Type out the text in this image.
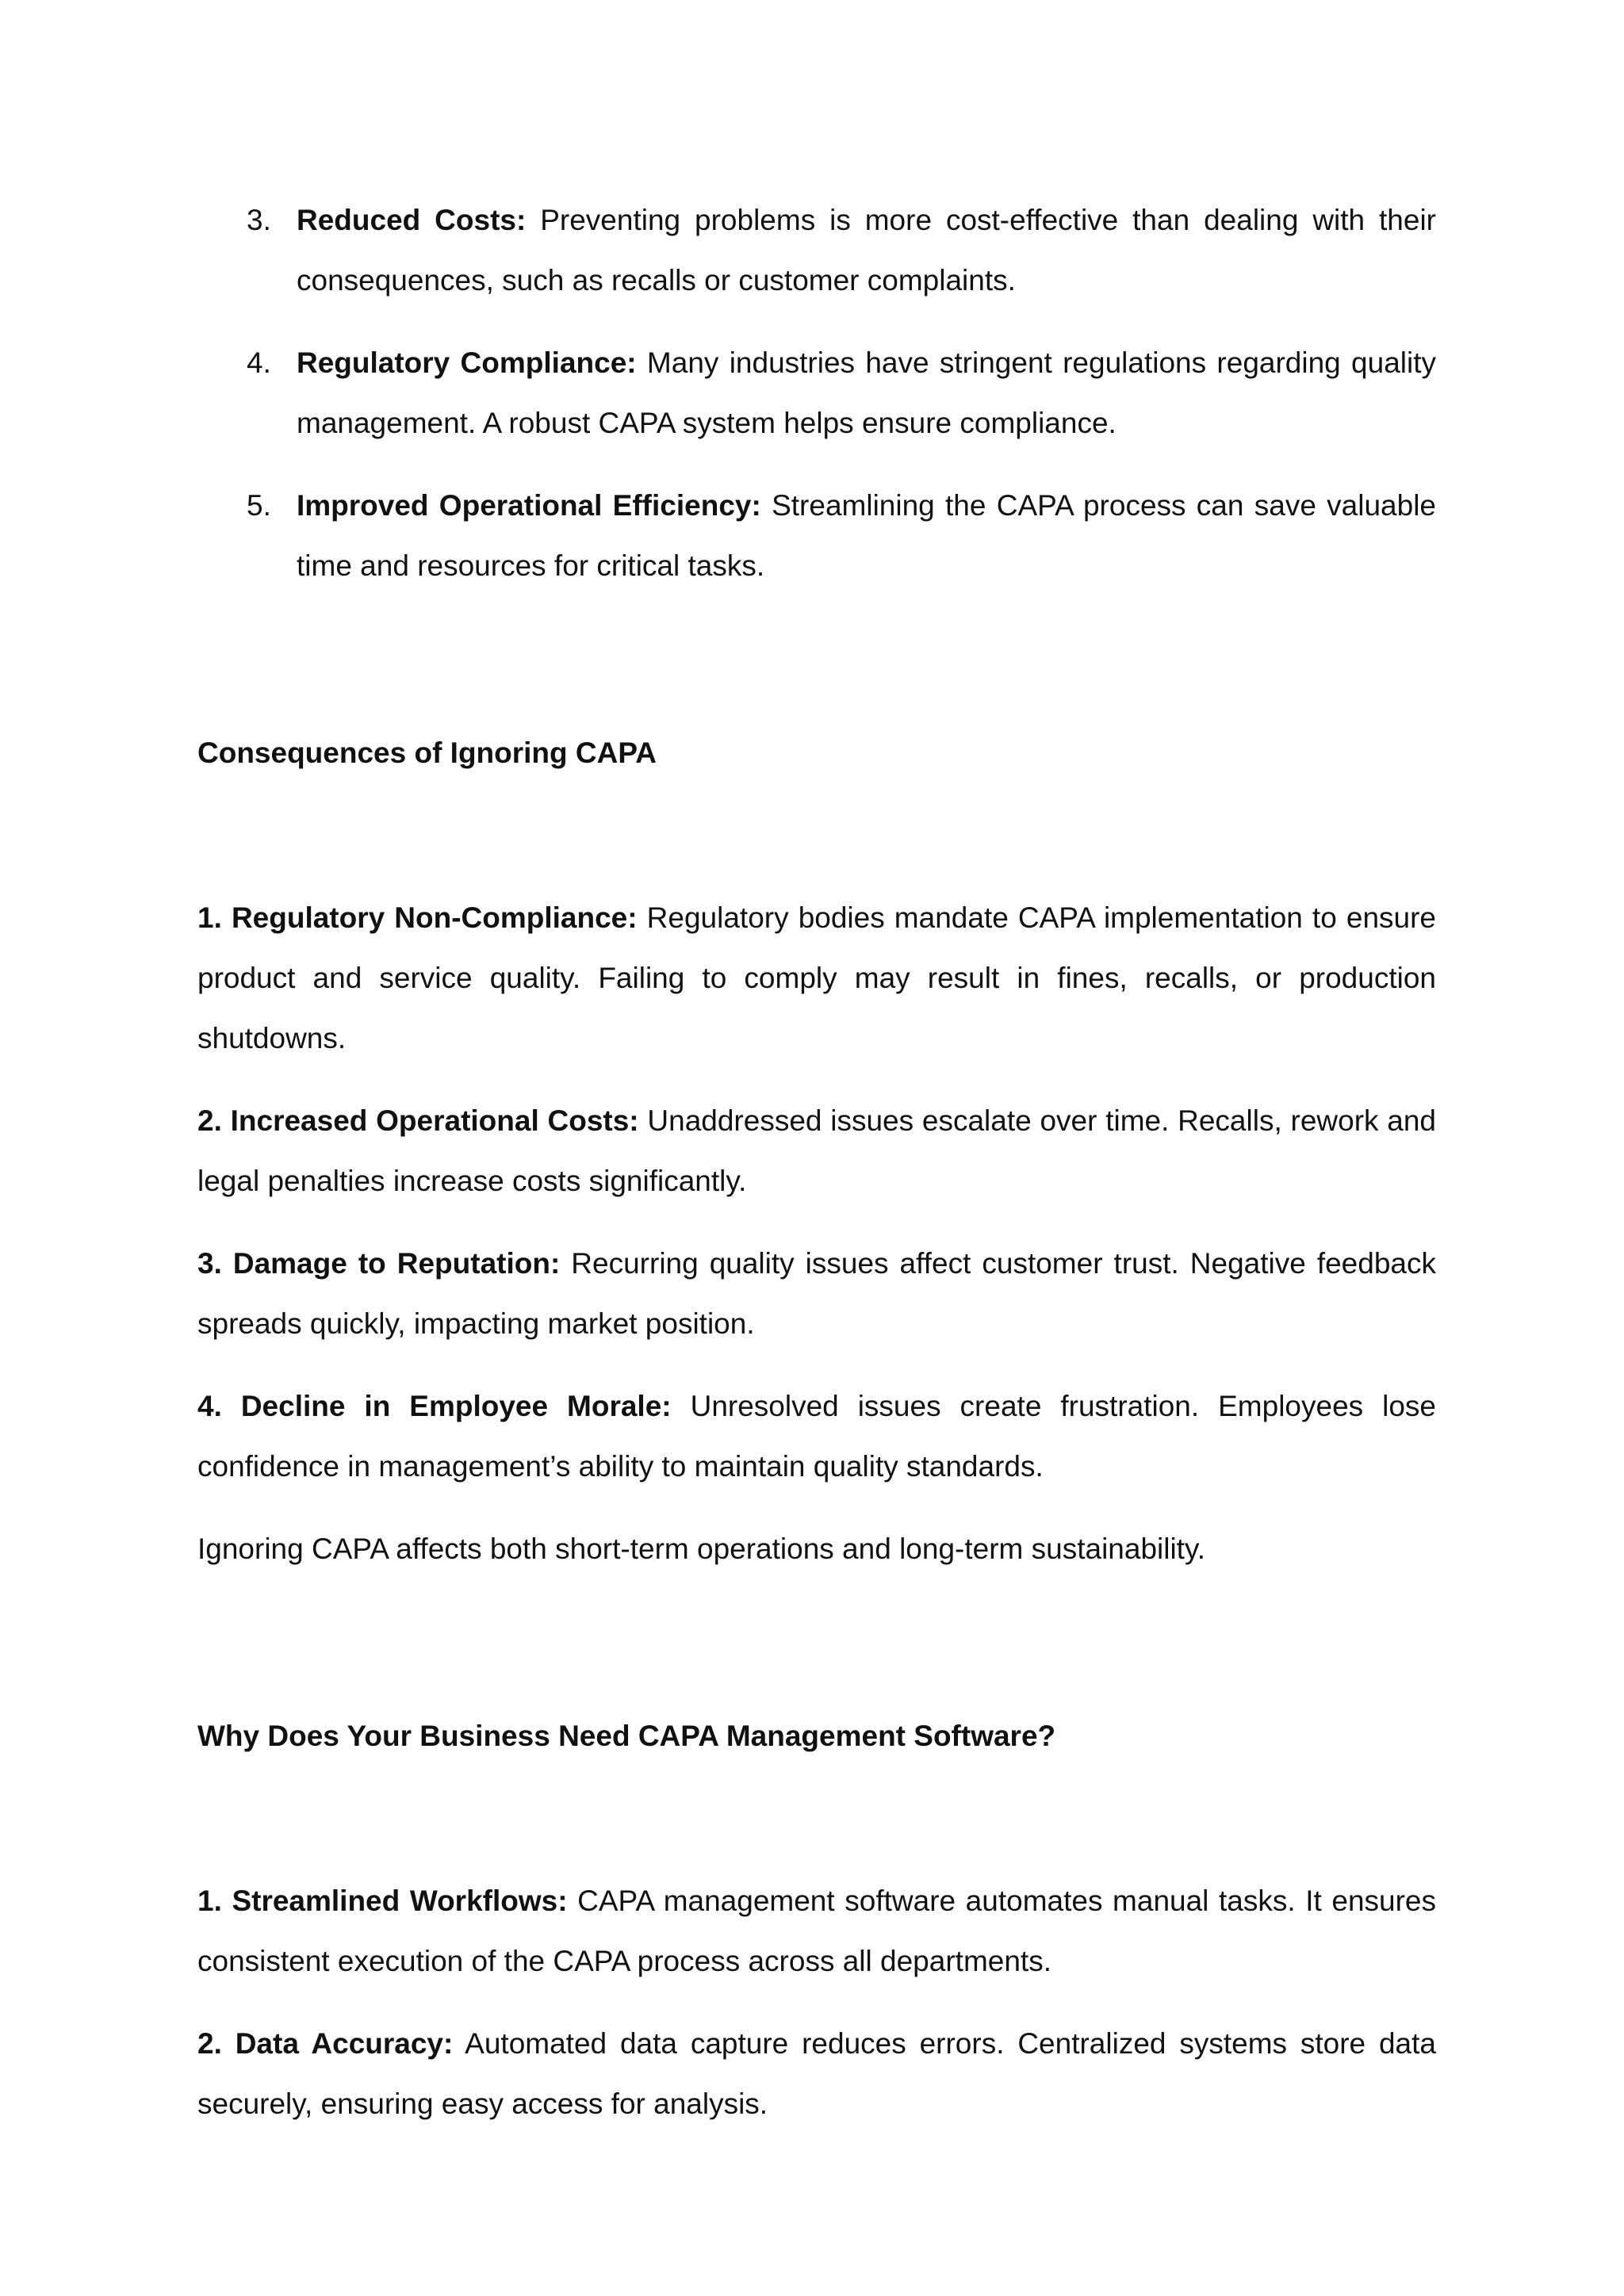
3. Reduced Costs: Preventing problems is more cost-effective than dealing with their consequences, such as recalls or customer complaints.
4. Regulatory Compliance: Many industries have stringent regulations regarding quality management. A robust CAPA system helps ensure compliance.
5. Improved Operational Efficiency: Streamlining the CAPA process can save valuable time and resources for critical tasks.

Consequences of Ignoring CAPA

1. Regulatory Non-Compliance: Regulatory bodies mandate CAPA implementation to ensure product and service quality. Failing to comply may result in fines, recalls, or production shutdowns.

2. Increased Operational Costs: Unaddressed issues escalate over time. Recalls, rework and legal penalties increase costs significantly.

3. Damage to Reputation: Recurring quality issues affect customer trust. Negative feedback spreads quickly, impacting market position.

4. Decline in Employee Morale: Unresolved issues create frustration. Employees lose confidence in management’s ability to maintain quality standards.

Ignoring CAPA affects both short-term operations and long-term sustainability.

Why Does Your Business Need CAPA Management Software?

1. Streamlined Workflows: CAPA management software automates manual tasks. It ensures consistent execution of the CAPA process across all departments.

2. Data Accuracy: Automated data capture reduces errors. Centralized systems store data securely, ensuring easy access for analysis.
